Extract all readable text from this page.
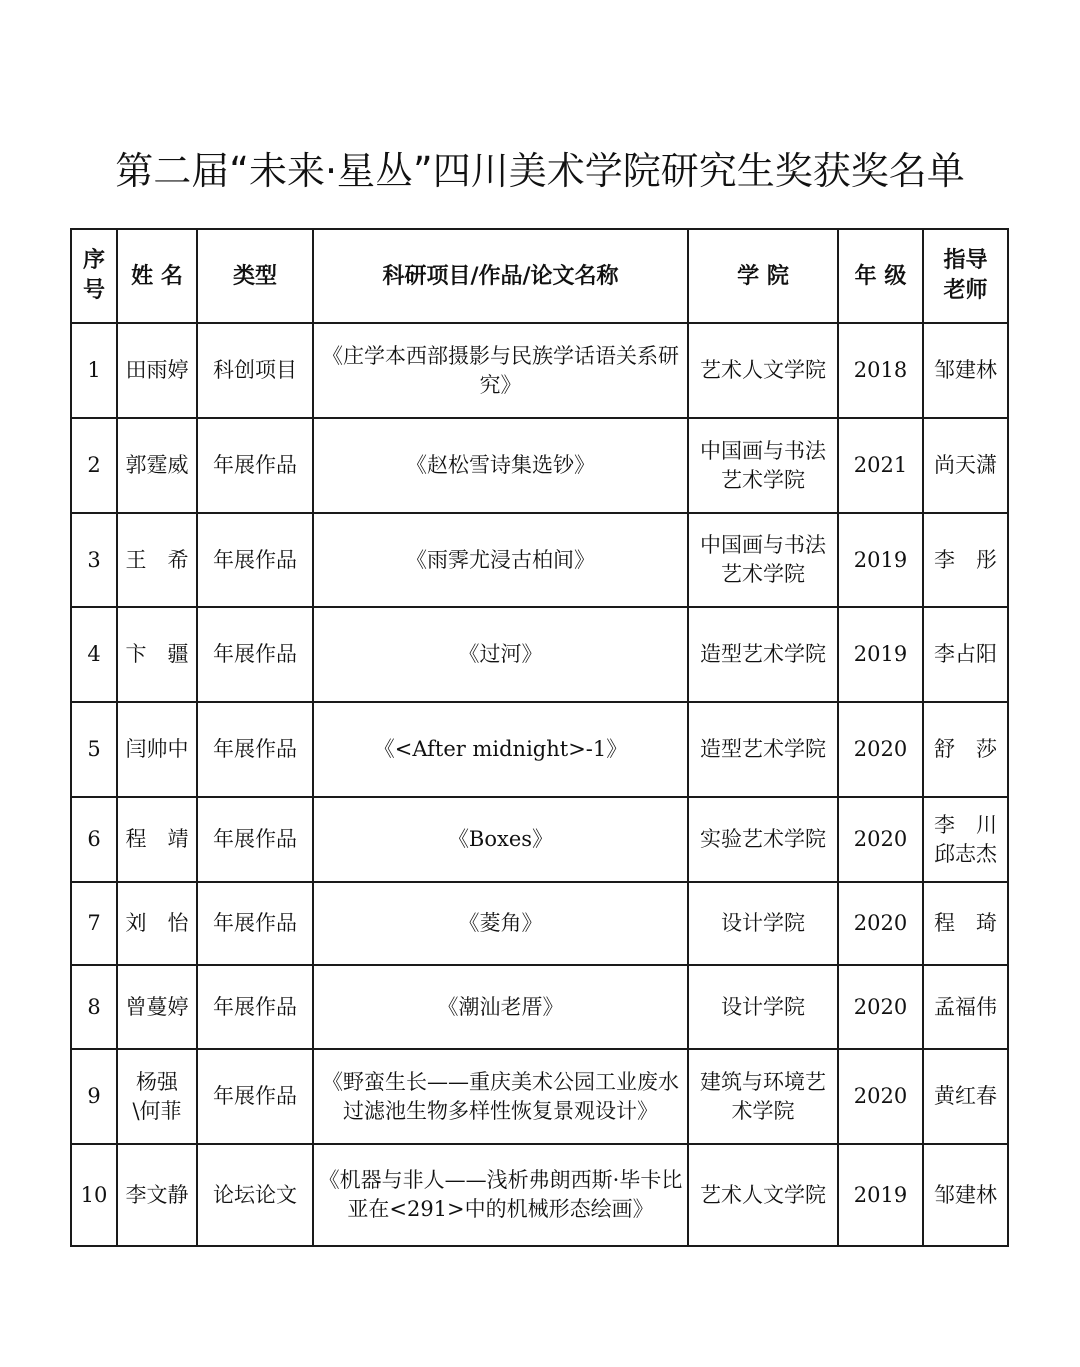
第二届“未来·星丛”四川美术学院研究生奖获奖名单
序号	姓 名	类型	科研项目/作品/论文名称	学 院	年 级	指导老师
1	田雨婷	科创项目	《庄学本西部摄影与民族学话语关系研究》	艺术人文学院	2018	邹建林
2	郭霆威	年展作品	《赵松雪诗集选钞》	中国画与书法艺术学院	2021	尚天潇
3	王　希	年展作品	《雨霁尤浸古柏间》	中国画与书法艺术学院	2019	李　彤
4	卞　疆	年展作品	《过河》	造型艺术学院	2019	李占阳
5	闫帅中	年展作品	《<After midnight>-1》	造型艺术学院	2020	舒　莎
6	程　靖	年展作品	《Boxes》	实验艺术学院	2020	李　川
邱志杰
7	刘　怡	年展作品	《菱角》	设计学院	2020	程　琦
8	曾蔓婷	年展作品	《潮汕老厝》	设计学院	2020	孟福伟
9	杨强\何菲	年展作品	《野蛮生长——重庆美术公园工业废水过滤池生物多样性恢复景观设计》	建筑与环境艺术学院	2020	黄红春
10	李文静	论坛论文	《机器与非人——浅析弗朗西斯·毕卡比亚在<291>中的机械形态绘画》	艺术人文学院	2019	邹建林
